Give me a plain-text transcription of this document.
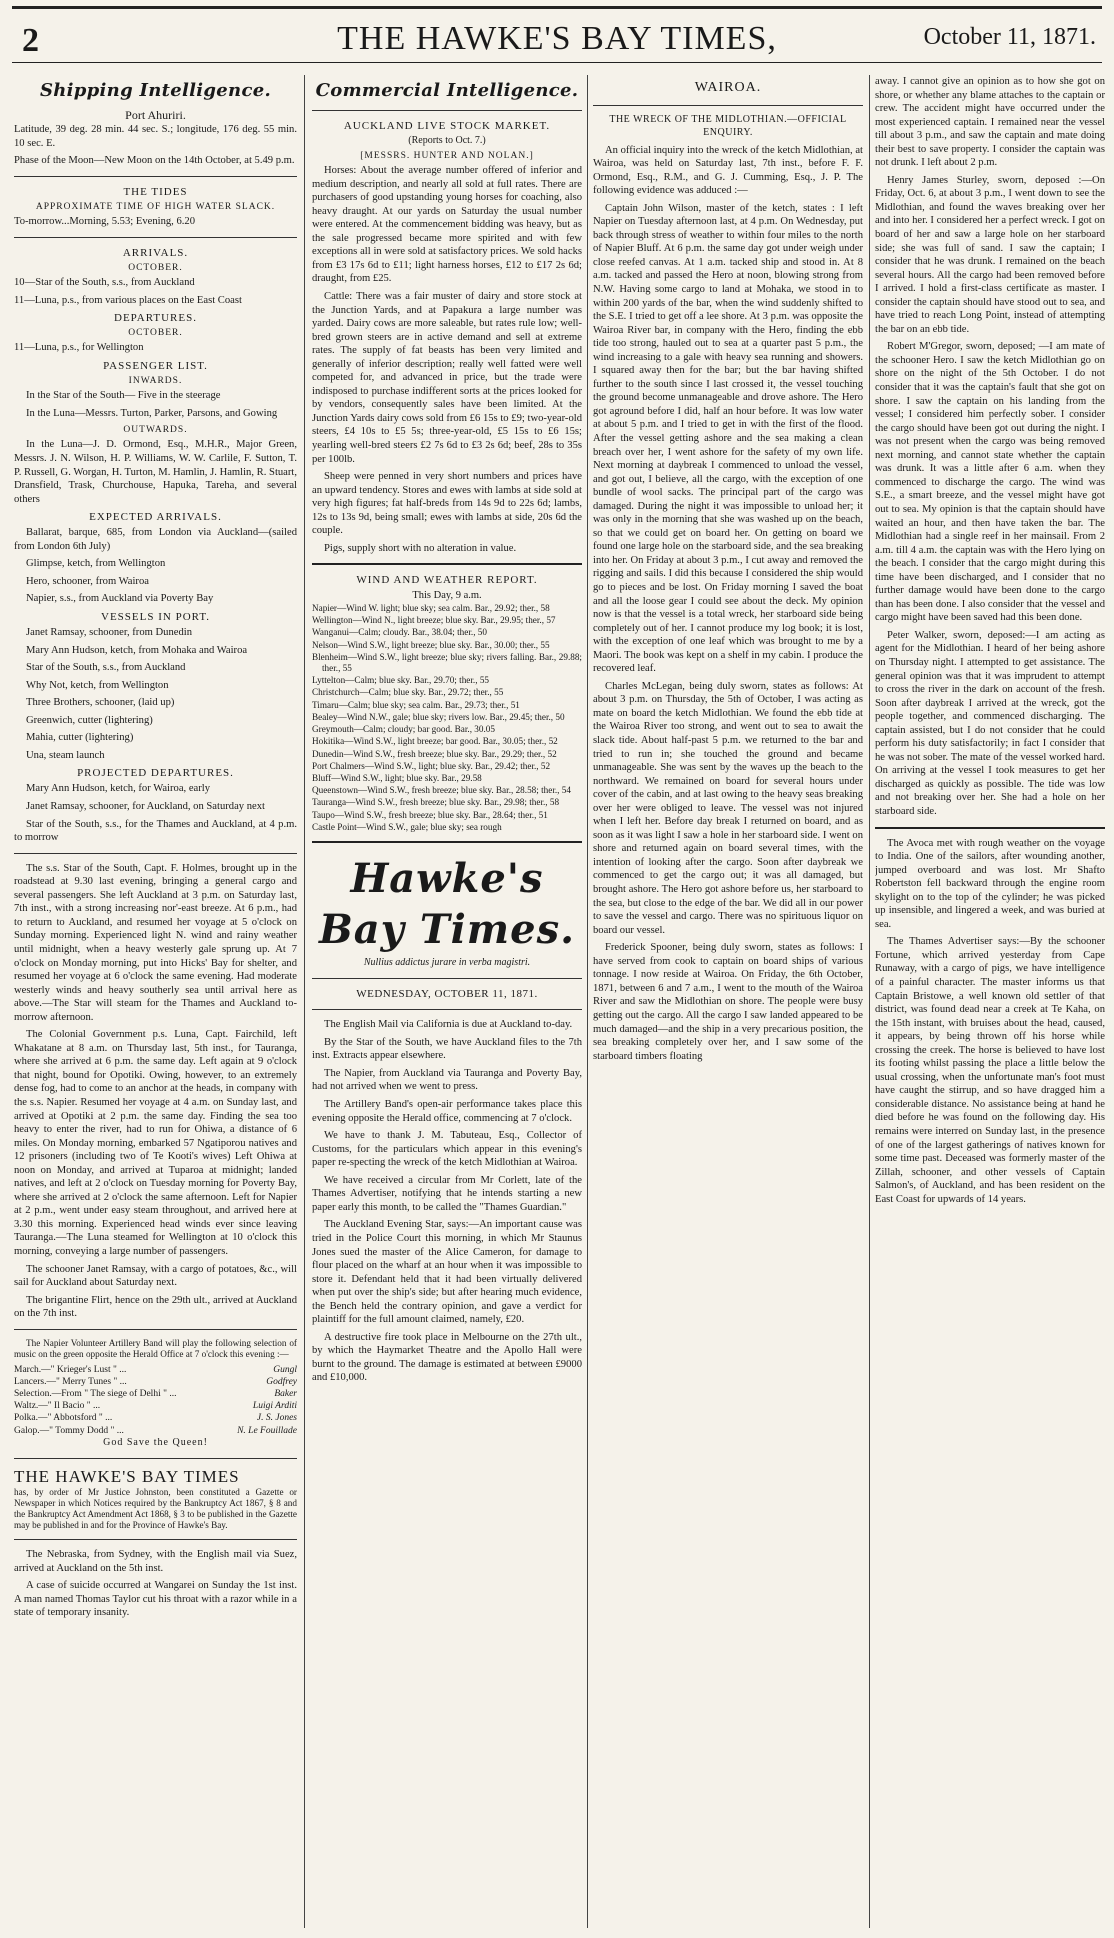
2	THE HAWKE'S BAY TIMES,	October 11, 1871.
Shipping Intelligence.
Port Ahuriri.

Latitude, 39 deg. 28 min. 44 sec. S.; longitude, 176 deg. 55 min. 10 sec. E.

Phase of the Moon—New Moon on the 14th October, at 5.49 p.m.

THE TIDES
APPROXIMATE TIME OF HIGH WATER SLACK.

To-morrow...Morning, 5.53; Evening, 6.20

ARRIVALS.
OCTOBER.

10—Star of the South, s.s., from Auckland

11—Luna, p.s., from various places on the East Coast

DEPARTURES.
OCTOBER.

11—Luna, p.s., for Wellington

PASSENGER LIST.
INWARDS.

In the Star of the South— Five in the steerage

In the Luna—Messrs. Turton, Parker, Parsons, and Gowing

OUTWARDS.

In the Luna—J. D. Ormond, Esq., M.H.R., Major Green, Messrs. J. N. Wilson, H. P. Williams, W. W. Carlile, F. Sutton, T. P. Russell, G. Worgan, H. Turton, M. Hamlin, J. Hamlin, R. Stuart, Dransfield, Trask, Churchouse, Hapuka, Tareha, and several others

EXPECTED ARRIVALS.

Ballarat, barque, 685, from London via Auckland—(sailed from London 6th July)

Glimpse, ketch, from Wellington

Hero, schooner, from Wairoa

Napier, s.s., from Auckland via Poverty Bay

VESSELS IN PORT.

Janet Ramsay, schooner, from Dunedin

Mary Ann Hudson, ketch, from Mohaka and Wairoa

Star of the South, s.s., from Auckland

Why Not, ketch, from Wellington

Three Brothers, schooner, (laid up)

Greenwich, cutter (lightering)

Mahia, cutter (lightering)

Una, steam launch

PROJECTED DEPARTURES.

Mary Ann Hudson, ketch, for Wairoa, early

Janet Ramsay, schooner, for Auckland, on Saturday next

Star of the South, s.s., for the Thames and Auckland, at 4 p.m. to morrow

The s.s. Star of the South, Capt. F. Holmes, brought up in the roadstead at 9.30 last evening, bringing a general cargo and several passengers. She left Auckland at 3 p.m. on Saturday last, 7th inst., with a strong increasing nor'-east breeze. At 6 p.m., had to return to Auckland, and resumed her voyage at 5 o'clock on Sunday morning. Experienced light N. wind and rainy weather until midnight, when a heavy westerly gale sprung up. At 7 o'clock on Monday morning, put into Hicks' Bay for shelter, and resumed her voyage at 6 o'clock the same evening. Had moderate westerly winds and heavy southerly sea until arrival here as above.—The Star will steam for the Thames and Auckland to-morrow afternoon.

The Colonial Government p.s. Luna, Capt. Fairchild, left Whakatane at 8 a.m. on Thursday last, 5th inst., for Tauranga, where she arrived at 6 p.m. the same day. Left again at 9 o'clock that night, bound for Opotiki. Owing, however, to an extremely dense fog, had to come to an anchor at the heads, in company with the s.s. Napier. Resumed her voyage at 4 a.m. on Sunday last, and arrived at Opotiki at 2 p.m. the same day. Finding the sea too heavy to enter the river, had to run for Ohiwa, a distance of 6 miles. On Monday morning, embarked 57 Ngatiporou natives and 12 prisoners (including two of Te Kooti's wives) Left Ohiwa at noon on Monday, and arrived at Tuparoa at midnight; landed natives, and left at 2 o'clock on Tuesday morning for Poverty Bay, where she arrived at 2 o'clock the same afternoon. Left for Napier at 2 p.m., went under easy steam throughout, and arrived here at 3.30 this morning. Experienced head winds ever since leaving Tauranga.—The Luna steamed for Wellington at 10 o'clock this morning, conveying a large number of passengers.

The schooner Janet Ramsay, with a cargo of potatoes, &c., will sail for Auckland about Saturday next.

The brigantine Flirt, hence on the 29th ult., arrived at Auckland on the 7th inst.

The Napier Volunteer Artillery Band will play the following selection of music on the green opposite the Herald Office at 7 o'clock this evening :—

March.—" Krieger's Lust " ...	Gungl
Lancers.—" Merry Tunes " ...	Godfrey
Selection.—From " The siege of Delhi " ...	Baker
Waltz.—" Il Bacio " ...	Luigi Arditi
Polka.—" Abbotsford " ...	J. S. Jones
Galop.—" Tommy Dodd " ...	N. Le Fouillade
God Save the Queen!
THE HAWKE'S BAY TIMES
has, by order of Mr Justice Johnston, been constituted a Gazette or Newspaper in which Notices required by the Bankruptcy Act 1867, § 8 and the Bankruptcy Act Amendment Act 1868, § 3 to be published in the Gazette may be published in and for the Province of Hawke's Bay.

The Nebraska, from Sydney, with the English mail via Suez, arrived at Auckland on the 5th inst.

A case of suicide occurred at Wangarei on Sunday the 1st inst. A man named Thomas Taylor cut his throat with a razor while in a state of temporary insanity.

Commercial Intelligence.
AUCKLAND LIVE STOCK MARKET.
(Reports to Oct. 7.)
[MESSRS. HUNTER AND NOLAN.]

Horses: About the average number offered of inferior and medium description, and nearly all sold at full rates. There are purchasers of good upstanding young horses for coaching, also heavy draught. At our yards on Saturday the usual number were entered. At the commencement bidding was heavy, but as the sale progressed became more spirited and with few exceptions all in were sold at satisfactory prices. We sold hacks from £3 17s 6d to £11; light harness horses, £12 to £17 2s 6d; draught, from £25.

Cattle: There was a fair muster of dairy and store stock at the Junction Yards, and at Papakura a large number was yarded. Dairy cows are more saleable, but rates rule low; well-bred grown steers are in active demand and sell at extreme rates. The supply of fat beasts has been very limited and generally of inferior description; really well fatted were well competed for, and advanced in price, but the trade were indisposed to purchase indifferent sorts at the prices looked for by vendors, consequently sales have been limited. At the Junction Yards dairy cows sold from £6 15s to £9; two-year-old steers, £4 10s to £5 5s; three-year-old, £5 15s to £6 15s; yearling well-bred steers £2 7s 6d to £3 2s 6d; beef, 28s to 35s per 100lb.

Sheep were penned in very short numbers and prices have an upward tendency. Stores and ewes with lambs at side sold at very high figures; fat half-breds from 14s 9d to 22s 6d; lambs, 12s to 13s 9d, being small; ewes with lambs at side, 20s 6d the couple.

Pigs, supply short with no alteration in value.

WIND AND WEATHER REPORT.
This Day, 9 a.m.
Napier—Wind W. light; blue sky; sea calm. Bar., 29.92; ther., 58
Wellington—Wind N., light breeze; blue sky. Bar., 29.95; ther., 57
Wanganui—Calm; cloudy. Bar., 38.04; ther., 50
Nelson—Wind S.W., light breeze; blue sky. Bar., 30.00; ther., 55
Blenheim—Wind S.W., light breeze; blue sky; rivers falling. Bar., 29.88; ther., 55
Lyttelton—Calm; blue sky. Bar., 29.70; ther., 55
Christchurch—Calm; blue sky. Bar., 29.72; ther., 55
Timaru—Calm; blue sky; sea calm. Bar., 29.73; ther., 51
Bealey—Wind N.W., gale; blue sky; rivers low. Bar., 29.45; ther., 50
Greymouth—Calm; cloudy; bar good. Bar., 30.05
Hokitika—Wind S.W., light breeze; bar good. Bar., 30.05; ther., 52
Dunedin—Wind S.W., fresh breeze; blue sky. Bar., 29.29; ther., 52
Port Chalmers—Wind S.W., light; blue sky. Bar., 29.42; ther., 52
Bluff—Wind S.W., light; blue sky. Bar., 29.58
Queenstown—Wind S.W., fresh breeze; blue sky. Bar., 28.58; ther., 54
Tauranga—Wind S.W., fresh breeze; blue sky. Bar., 29.98; ther., 58
Taupo—Wind S.W., fresh breeze; blue sky. Bar., 28.64; ther., 51
Castle Point—Wind S.W., gale; blue sky; sea rough
Hawke's Bay Times.
Nullius addictus jurare in verba magistri.
WEDNESDAY, OCTOBER 11, 1871.

The English Mail via California is due at Auckland to-day.

By the Star of the South, we have Auckland files to the 7th inst. Extracts appear elsewhere.

The Napier, from Auckland via Tauranga and Poverty Bay, had not arrived when we went to press.

The Artillery Band's open-air performance takes place this evening opposite the Herald office, commencing at 7 o'clock.

We have to thank J. M. Tabuteau, Esq., Collector of Customs, for the particulars which appear in this evening's paper re-specting the wreck of the ketch Midlothian at Wairoa.

We have received a circular from Mr Corlett, late of the Thames Advertiser, notifying that he intends starting a new paper early this month, to be called the "Thames Guardian."

The Auckland Evening Star, says:—An important cause was tried in the Police Court this morning, in which Mr Staunus Jones sued the master of the Alice Cameron, for damage to flour placed on the wharf at an hour when it was impossible to store it. Defendant held that it had been virtually delivered when put over the ship's side; but after hearing much evidence, the Bench held the contrary opinion, and gave a verdict for plaintiff for the full amount claimed, namely, £20.

A destructive fire took place in Melbourne on the 27th ult., by which the Haymarket Theatre and the Apollo Hall were burnt to the ground. The damage is estimated at between £9000 and £10,000.

WAIROA.
THE WRECK OF THE MIDLOTHIAN.—OFFICIAL ENQUIRY.

An official inquiry into the wreck of the ketch Midlothian, at Wairoa, was held on Saturday last, 7th inst., before F. F. Ormond, Esq., R.M., and G. J. Cumming, Esq., J. P. The following evidence was adduced :—

Captain John Wilson, master of the ketch, states : I left Napier on Tuesday afternoon last, at 4 p.m. On Wednesday, put back through stress of weather to within four miles to the north of Napier Bluff. At 6 p.m. the same day got under weigh under close reefed canvas. At 1 a.m. tacked ship and stood in. At 8 a.m. tacked and passed the Hero at noon, blowing strong from N.W. Having some cargo to land at Mohaka, we stood in to within 200 yards of the bar, when the wind suddenly shifted to the S.E. I tried to get off a lee shore. At 3 p.m. was opposite the Wairoa River bar, in company with the Hero, finding the ebb tide too strong, hauled out to sea at a quarter past 5 p.m., the wind increasing to a gale with heavy sea running and showers. I squared away then for the bar; but the bar having shifted further to the south since I last crossed it, the vessel touching the ground become unmanageable and drove ashore. The Hero got aground before I did, half an hour before. It was low water at about 5 p.m. and I tried to get in with the first of the flood. After the vessel getting ashore and the sea making a clean breach over her, I went ashore for the safety of my own life. Next morning at daybreak I commenced to unload the vessel, and got out, I believe, all the cargo, with the exception of one bundle of wool sacks. The principal part of the cargo was damaged. During the night it was impossible to unload her; it was only in the morning that she was washed up on the beach, so that we could get on board her. On getting on board we found one large hole on the starboard side, and the sea breaking into her. On Friday at about 3 p.m., I cut away and removed the rigging and sails. I did this because I considered the ship would go to pieces and be lost. On Friday morning I saved the boat and all the loose gear I could see about the deck. My opinion now is that the vessel is a total wreck, her starboard side being completely out of her. I cannot produce my log book; it is lost, with the exception of one leaf which was brought to me by a Maori. The book was kept on a shelf in my cabin. I produce the recovered leaf.

Charles McLegan, being duly sworn, states as follows: At about 3 p.m. on Thursday, the 5th of October, I was acting as mate on board the ketch Midlothian. We found the ebb tide at the Wairoa River too strong, and went out to sea to await the slack tide. About half-past 5 p.m. we returned to the bar and tried to run in; she touched the ground and became unmanageable. She was sent by the waves up the beach to the northward. We remained on board for several hours under cover of the cabin, and at last owing to the heavy seas breaking over her were obliged to leave. The vessel was not injured when I left her. Before day break I returned on board, and as soon as it was light I saw a hole in her starboard side. I went on shore and returned again on board several times, with the intention of looking after the cargo. Soon after daybreak we commenced to get the cargo out; it was all damaged, but brought ashore. The Hero got ashore before us, her starboard to the sea, but close to the edge of the bar. We did all in our power to save the vessel and cargo. There was no spirituous liquor on board our vessel.

Frederick Spooner, being duly sworn, states as follows: I have served from cook to captain on board ships of various tonnage. I now reside at Wairoa. On Friday, the 6th October, 1871, between 6 and 7 a.m., I went to the mouth of the Wairoa River and saw the Midlothian on shore. The people were busy getting out the cargo. All the cargo I saw landed appeared to be much damaged—and the ship in a very precarious position, the sea breaking completely over her, and I saw some of the starboard timbers floating

away. I cannot give an opinion as to how she got on shore, or whether any blame attaches to the captain or crew. The accident might have occurred under the most experienced captain. I remained near the vessel till about 3 p.m., and saw the captain and mate doing their best to save property. I consider the captain was not drunk. I left about 2 p.m.

Henry James Sturley, sworn, deposed :—On Friday, Oct. 6, at about 3 p.m., I went down to see the Midlothian, and found the waves breaking over her and into her. I considered her a perfect wreck. I got on board of her and saw a large hole on her starboard side; she was full of sand. I saw the captain; I consider that he was drunk. I remained on the beach several hours. All the cargo had been removed before I arrived. I hold a first-class certificate as master. I consider the captain should have stood out to sea, and have tried to reach Long Point, instead of attempting the bar on an ebb tide.

Robert M'Gregor, sworn, deposed; —I am mate of the schooner Hero. I saw the ketch Midlothian go on shore on the night of the 5th October. I do not consider that it was the captain's fault that she got on shore. I saw the captain on his landing from the vessel; I considered him perfectly sober. I consider the cargo should have been got out during the night. I was not present when the cargo was being removed next morning, and cannot state whether the captain was drunk. It was a little after 6 a.m. when they commenced to discharge the cargo. The wind was S.E., a smart breeze, and the vessel might have got out to sea. My opinion is that the captain should have waited an hour, and then have taken the bar. The Midlothian had a single reef in her mainsail. From 2 a.m. till 4 a.m. the captain was with the Hero lying on the beach. I consider that the cargo might during this time have been discharged, and I consider that no further damage would have been done to the cargo than has been done. I also consider that the vessel and cargo might have been saved had this been done.

Peter Walker, sworn, deposed:—I am acting as agent for the Midlothian. I heard of her being ashore on Thursday night. I attempted to get assistance. The general opinion was that it was imprudent to attempt to cross the river in the dark on account of the fresh. Soon after daybreak I arrived at the wreck, got the people together, and commenced discharging. The captain assisted, but I do not consider that he could perform his duty satisfactorily; in fact I consider that he was not sober. The mate of the vessel worked hard. On arriving at the vessel I took measures to get her discharged as quickly as possible. The tide was low and not breaking over her. She had a hole on her starboard side.

The Avoca met with rough weather on the voyage to India. One of the sailors, after wounding another, jumped overboard and was lost. Mr Shafto Robertston fell backward through the engine room skylight on to the top of the cylinder; he was picked up insensible, and lingered a week, and was buried at sea.

The Thames Advertiser says:—By the schooner Fortune, which arrived yesterday from Cape Runaway, with a cargo of pigs, we have intelligence of a painful character. The master informs us that Captain Bristowe, a well known old settler of that district, was found dead near a creek at Te Kaha, on the 15th instant, with bruises about the head, caused, it appears, by being thrown off his horse while crossing the creek. The horse is believed to have lost its footing whilst passing the place a little below the usual crossing, when the unfortunate man's foot must have caught the stirrup, and so have dragged him a considerable distance. No assistance being at hand he died before he was found on the following day. His remains were interred on Sunday last, in the presence of one of the largest gatherings of natives known for some time past. Deceased was formerly master of the Zillah, schooner, and other vessels of Captain Salmon's, of Auckland, and has been resident on the East Coast for upwards of 14 years.
